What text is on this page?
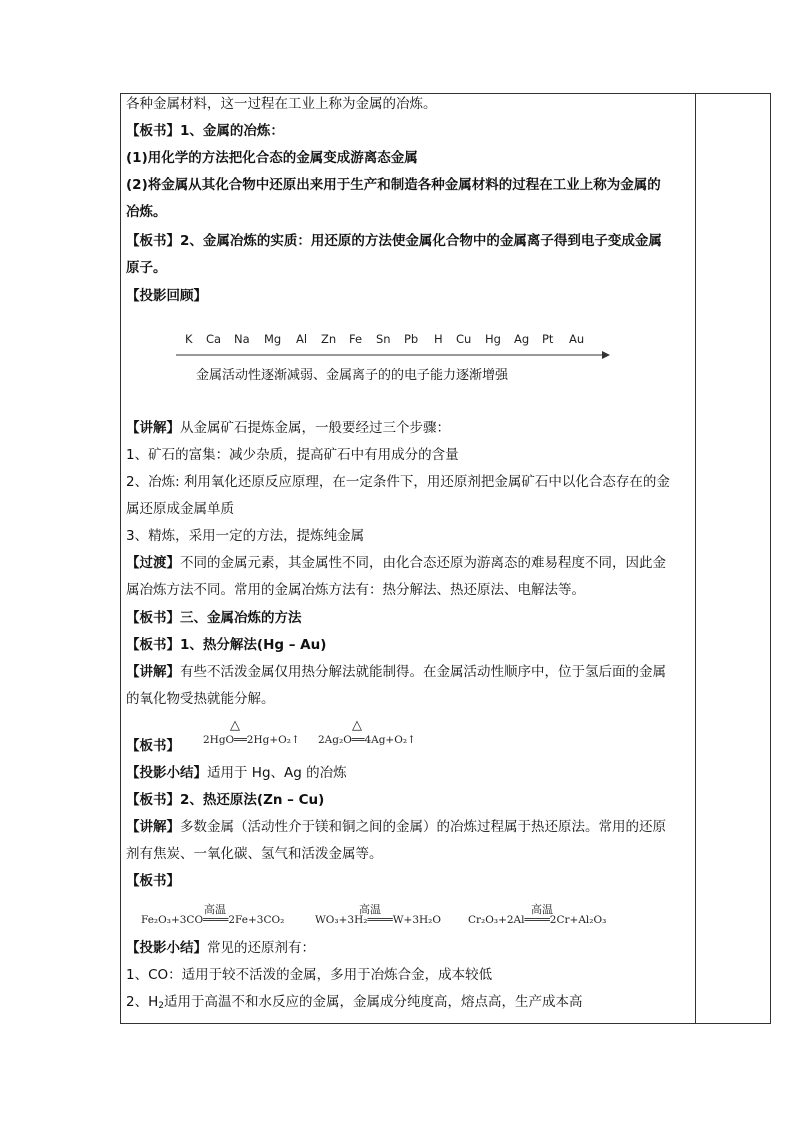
各种金属材料，这一过程在工业上称为金属的冶炼。
【板书】1、金属的冶炼：
(1)用化学的方法把化合态的金属变成游离态金属
(2)将金属从其化合物中还原出来用于生产和制造各种金属材料的过程在工业上称为金属的
冶炼。
【板书】2、金属冶炼的实质：用还原的方法使金属化合物中的金属离子得到电子变成金属
原子。
【投影回顾】
金属活动性逐渐减弱、金属离子的的电子能力逐渐增强
【讲解】从金属矿石提炼金属，一般要经过三个步骤：
1、矿石的富集：减少杂质，提高矿石中有用成分的含量
2、冶炼: 利用氧化还原反应原理，在一定条件下，用还原剂把金属矿石中以化合态存在的金
属还原成金属单质
3、精炼，采用一定的方法，提炼纯金属
【过渡】不同的金属元素，其金属性不同，由化合态还原为游离态的难易程度不同，因此金
属冶炼方法不同。常用的金属冶炼方法有：热分解法、热还原法、电解法等。
【板书】三、金属冶炼的方法
【板书】1、热分解法(Hg – Au)
【讲解】有些不活泼金属仅用热分解法就能制得。在金属活动性顺序中，位于氢后面的金属
的氧化物受热就能分解。
【板书】
【投影小结】适用于 Hg、Ag 的冶炼
【板书】2、热还原法(Zn – Cu)
【讲解】多数金属（活动性介于镁和铜之间的金属）的冶炼过程属于热还原法。常用的还原
剂有焦炭、一氧化碳、氢气和活泼金属等。
【板书】
【投影小结】常见的还原剂有：
1、CO：适用于较不活泼的金属，多用于冶炼合金，成本较低
2、$H_2$适用于高温不和水反应的金属，金属成分纯度高，熔点高，生产成本高
K Ca Na Mg Al Zn Fe Sn Pb H Cu Hg Ag Pt Au
△
2HgO══2Hg+O₂↑
△
2Ag₂O══4Ag+O₂↑
高温
Fe₂O₃+3CO════2Fe+3CO₂
高温
WO₃+3H₂════W+3H₂O
高温
Cr₂O₃+2Al════2Cr+Al₂O₃
